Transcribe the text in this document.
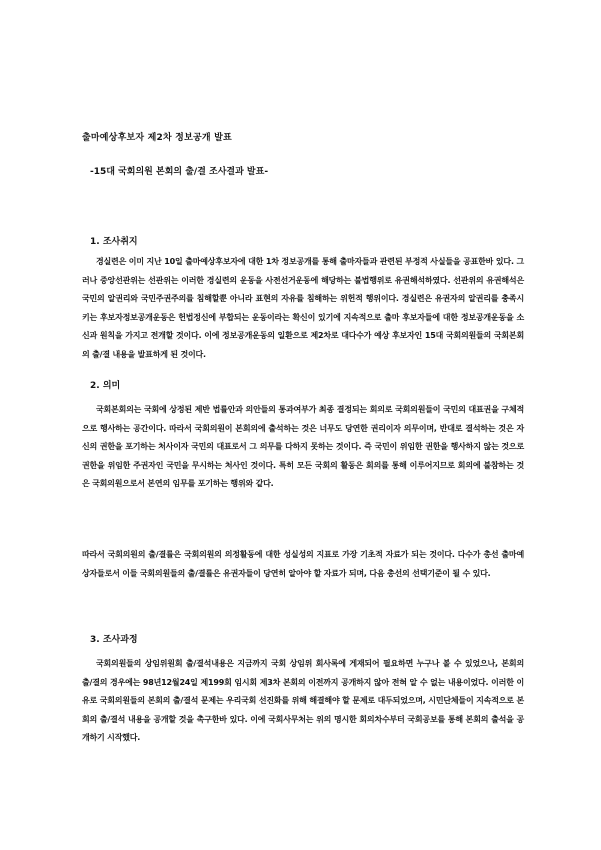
출마예상후보자 제2차 정보공개 발표
-15대 국회의원 본회의 출/결 조사결과 발표-
1. 조사취지
경실련은 이미 지난 10일 출마예상후보자에 대한 1차 정보공개를 통해 출마자들과 관련된 부정적 사실들을 공표한바 있다. 그러나 중앙선관위는 선관위는 이러한 경실련의 운동을 사전선거운동에 해당하는 불법행위로 유권해석하였다. 선관위의 유권해석은 국민의 알권리와 국민주권주의를 침해할뿐 아니라 표현의 자유를 침해하는 위헌적 행위이다. 경실련은 유권자의 알권리를 충족시키는 후보자정보공개운동은 헌법정신에 부합되는 운동이라는 확신이 있기에 지속적으로 출마 후보자들에 대한 정보공개운동을 소신과 원칙을 가지고 전개할 것이다. 이에 정보공개운동의 일환으로 제2차로 대다수가 예상 후보자인 15대 국회의원들의 국회본회의 출/결 내용을 발표하게 된 것이다.
2. 의미
국회본회의는 국회에 상정된 제반 법률안과 의안들의 통과여부가 최종 결정되는 회의로 국회의원들이 국민의 대표권을 구체적으로 행사하는 공간이다. 따라서 국회의원이 본회의에 출석하는 것은 너무도 당연한 권리이자 의무이며, 반대로 결석하는 것은 자신의 권한을 포기하는 처사이자 국민의 대표로서 그 의무를 다하지 못하는 것이다. 즉 국민이 위임한 권한을 행사하지 않는 것으로 권한을 위임한 주권자인 국민을 무시하는 처사인 것이다. 특히 모든 국회의 활동은 회의를 통해 이루어지므로 회의에 불참하는 것은 국회의원으로서 본연의 임무를 포기하는 행위와 같다.
따라서 국회의원의 출/결률은 국회의원의 의정활동에 대한 성실성의 지표로 가장 기초적 자료가 되는 것이다. 다수가 총선 출마예상자들로서 이들 국회의원들의 출/결률은 유권자들이 당연히 알아야 할 자료가 되며, 다음 총선의 선택기준이 될 수 있다.
3. 조사과정
국회의원들의 상임위원회 출/결석내용은 지금까지 국회 상임위 회사록에 게재되어 필요하면 누구나 볼 수 있었으나, 본회의 출/결의 경우에는 98년12월24일 제199회 임시회 제3차 본회의 이전까지 공개하지 않아 전혀 알 수 없는 내용이었다. 이러한 이유로 국회의원들의 본회의 출/결석 문제는 우리국회 선진화를 위해 해결해야 할 문제로 대두되었으며, 시민단체들이 지속적으로 본회의 출/결석 내용을 공개할 것을 촉구한바 있다. 이에 국회사무처는 위의 명시한 회의차수부터 국회공보를 통해 본회의 출석을 공개하기 시작했다.
